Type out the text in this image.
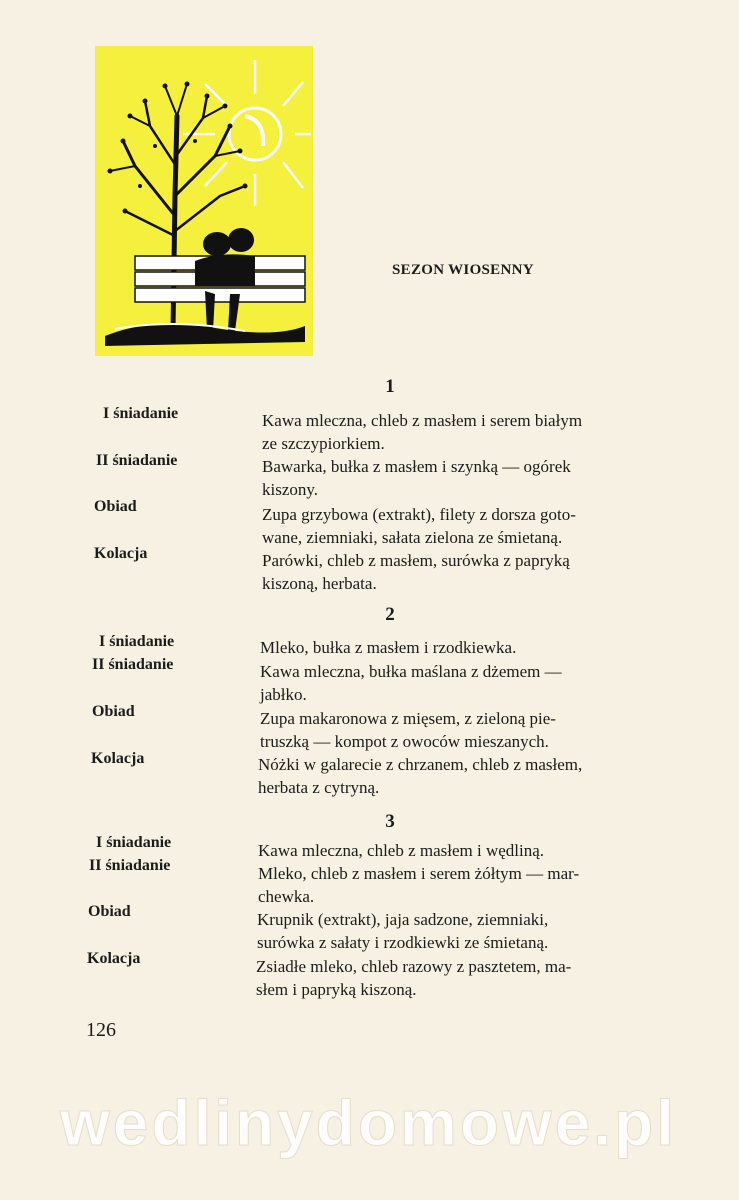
SEZON WIOSENNY
1
I śniadanie	Kawa mleczna, chleb z masłem i serem białym
ze szczypiorkiem.
II śniadanie	Bawarka, bułka z masłem i szynką — ogórek
kiszony.
Obiad	Zupa grzybowa (extrakt), filety z dorsza goto-
wane, ziemniaki, sałata zielona ze śmietaną.
Kolacja	Parówki, chleb z masłem, surówka z papryką
kiszoną, herbata.
2
I śniadanie	Mleko, bułka z masłem i rzodkiewka.
II śniadanie	Kawa mleczna, bułka maślana z dżemem —
jabłko.
Obiad	Zupa makaronowa z mięsem, z zieloną pie-
truszką — kompot z owoców mieszanych.
Kolacja	Nóżki w galarecie z chrzanem, chleb z masłem,
herbata z cytryną.
3
I śniadanie	Kawa mleczna, chleb z masłem i wędliną.
II śniadanie	Mleko, chleb z masłem i serem żółtym — mar-
chewka.
Obiad	Krupnik (extrakt), jaja sadzone, ziemniaki,
surówka z sałaty i rzodkiewki ze śmietaną.
Kolacja	Zsiadłe mleko, chleb razowy z pasztetem, ma-
słem i papryką kiszoną.
126
wedlinydomowe.pl
